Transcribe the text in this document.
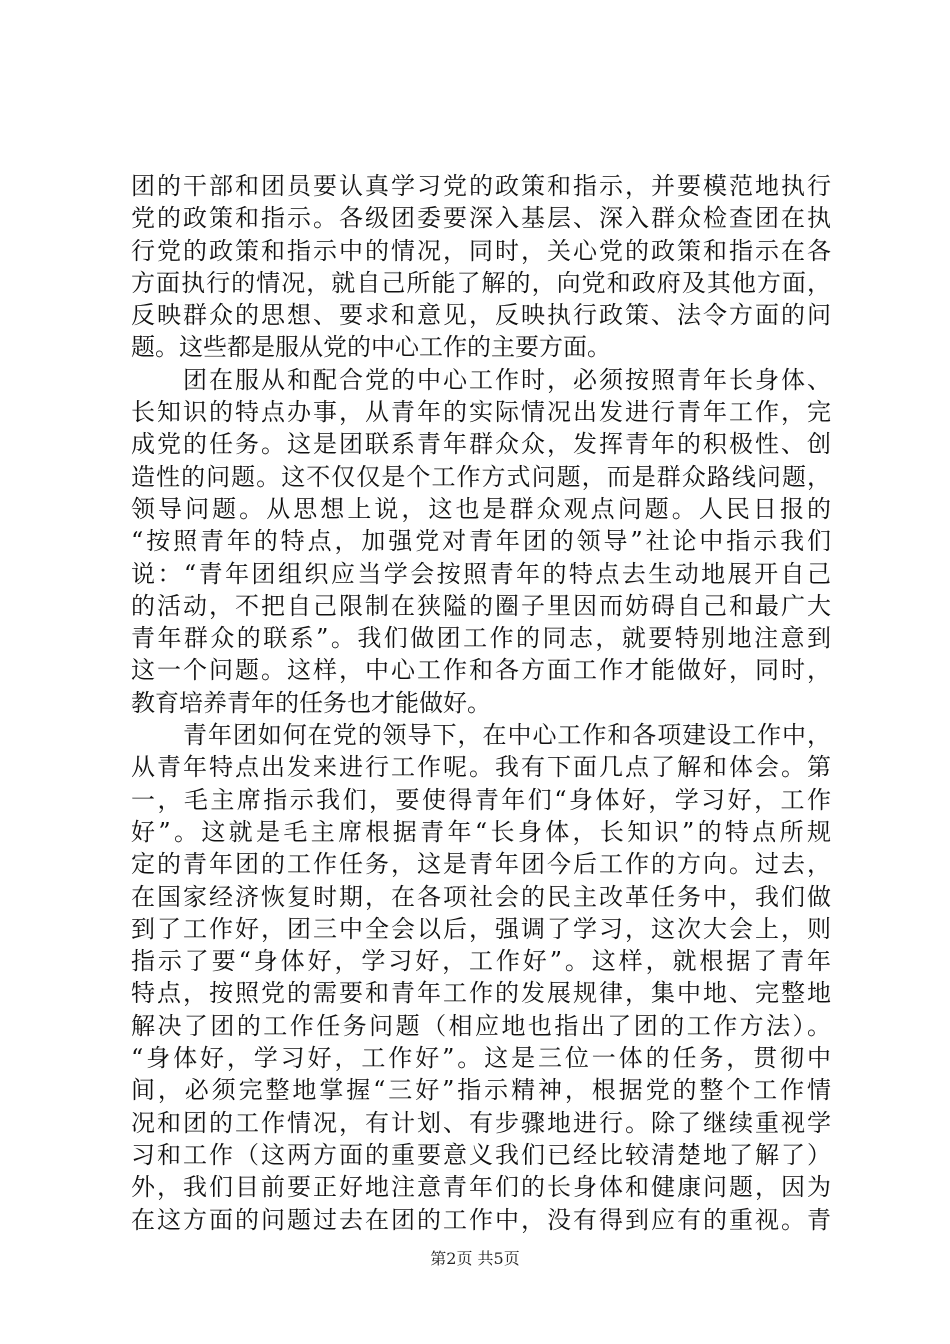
团的干部和团员要认真学习党的政策和指示，并要模范地执行
党的政策和指示。各级团委要深入基层、深入群众检查团在执
行党的政策和指示中的情况，同时，关心党的政策和指示在各
方面执行的情况，就自己所能了解的，向党和政府及其他方面，
反映群众的思想、要求和意见，反映执行政策、法令方面的问
题。这些都是服从党的中心工作的主要方面。
团在服从和配合党的中心工作时，必须按照青年长身体、
长知识的特点办事，从青年的实际情况出发进行青年工作，完
成党的任务。这是团联系青年群众众，发挥青年的积极性、创
造性的问题。这不仅仅是个工作方式问题，而是群众路线问题，
领导问题。从思想上说，这也是群众观点问题。人民日报的
“按照青年的特点，加强党对青年团的领导”社论中指示我们
说：“青年团组织应当学会按照青年的特点去生动地展开自己
的活动，不把自己限制在狭隘的圈子里因而妨碍自己和最广大
青年群众的联系”。我们做团工作的同志，就要特别地注意到
这一个问题。这样，中心工作和各方面工作才能做好，同时，
教育培养青年的任务也才能做好。
青年团如何在党的领导下，在中心工作和各项建设工作中，
从青年特点出发来进行工作呢。我有下面几点了解和体会。第
一，毛主席指示我们，要使得青年们“身体好，学习好，工作
好”。这就是毛主席根据青年“长身体，长知识”的特点所规
定的青年团的工作任务，这是青年团今后工作的方向。过去，
在国家经济恢复时期，在各项社会的民主改革任务中，我们做
到了工作好，团三中全会以后，强调了学习，这次大会上，则
指示了要“身体好，学习好，工作好”。这样，就根据了青年
特点，按照党的需要和青年工作的发展规律，集中地、完整地
解决了团的工作任务问题（相应地也指出了团的工作方法）。
“身体好，学习好，工作好”。这是三位一体的任务，贯彻中
间，必须完整地掌握“三好”指示精神，根据党的整个工作情
况和团的工作情况，有计划、有步骤地进行。除了继续重视学
习和工作（这两方面的重要意义我们已经比较清楚地了解了）
外，我们目前要正好地注意青年们的长身体和健康问题，因为
在这方面的问题过去在团的工作中，没有得到应有的重视。青
第2页 共5页
